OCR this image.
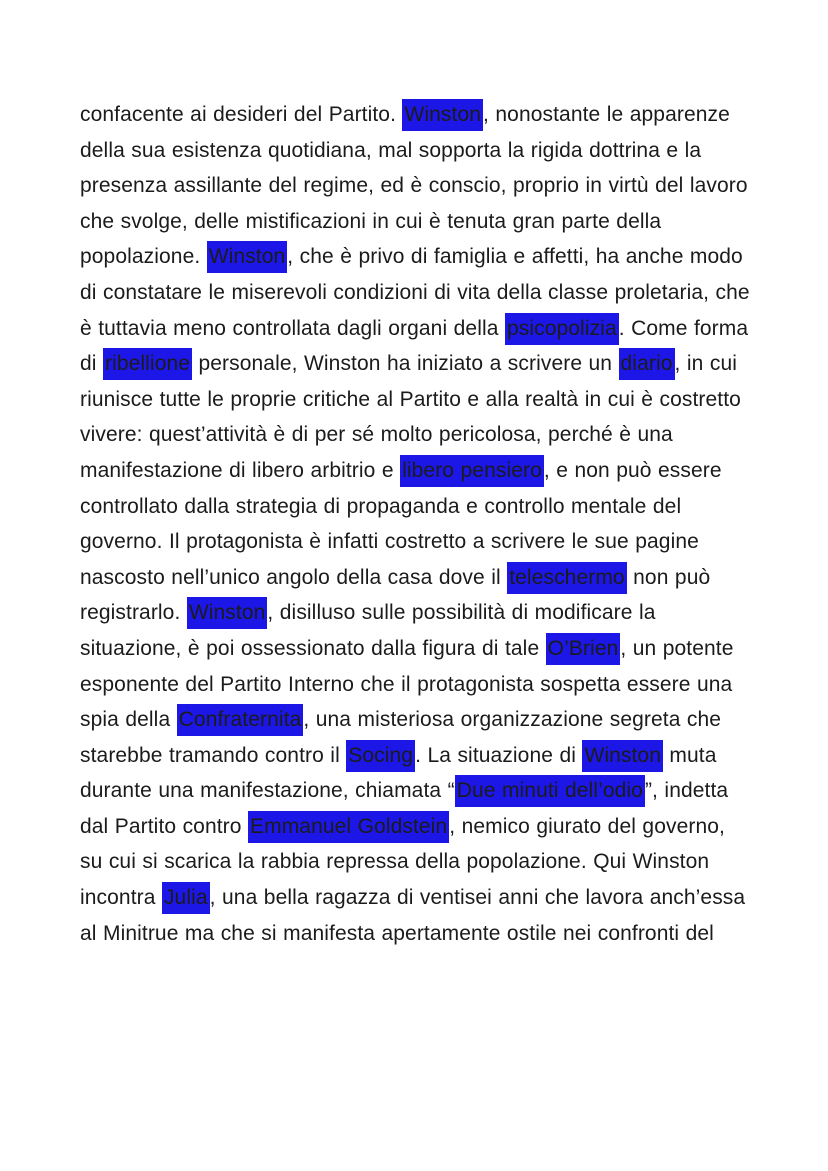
confacente ai desideri del Partito. Winston, nonostante le apparenze della sua esistenza quotidiana, mal sopporta la rigida dottrina e la presenza assillante del regime, ed è conscio, proprio in virtù del lavoro che svolge, delle mistificazioni in cui è tenuta gran parte della popolazione. Winston, che è privo di famiglia e affetti, ha anche modo di constatare le miserevoli condizioni di vita della classe proletaria, che è tuttavia meno controllata dagli organi della psicopolizia. Come forma di ribellione personale, Winston ha iniziato a scrivere un diario, in cui riunisce tutte le proprie critiche al Partito e alla realtà in cui è costretto vivere: quest’attività è di per sé molto pericolosa, perché è una manifestazione di libero arbitrio e libero pensiero, e non può essere controllato dalla strategia di propaganda e controllo mentale del governo. Il protagonista è infatti costretto a scrivere le sue pagine nascosto nell’unico angolo della casa dove il teleschermo non può registrarlo. Winston, disilluso sulle possibilità di modificare la situazione, è poi ossessionato dalla figura di tale O’Brien, un potente esponente del Partito Interno che il protagonista sospetta essere una spia della Confraternita, una misteriosa organizzazione segreta che starebbe tramando contro il Socing. La situazione di Winston muta durante una manifestazione, chiamata “Due minuti dell’odio”, indetta dal Partito contro Emmanuel Goldstein, nemico giurato del governo, su cui si scarica la rabbia repressa della popolazione. Qui Winston incontra Julia, una bella ragazza di ventisei anni che lavora anch’essa al Minitrue ma che si manifesta apertamente ostile nei confronti del
